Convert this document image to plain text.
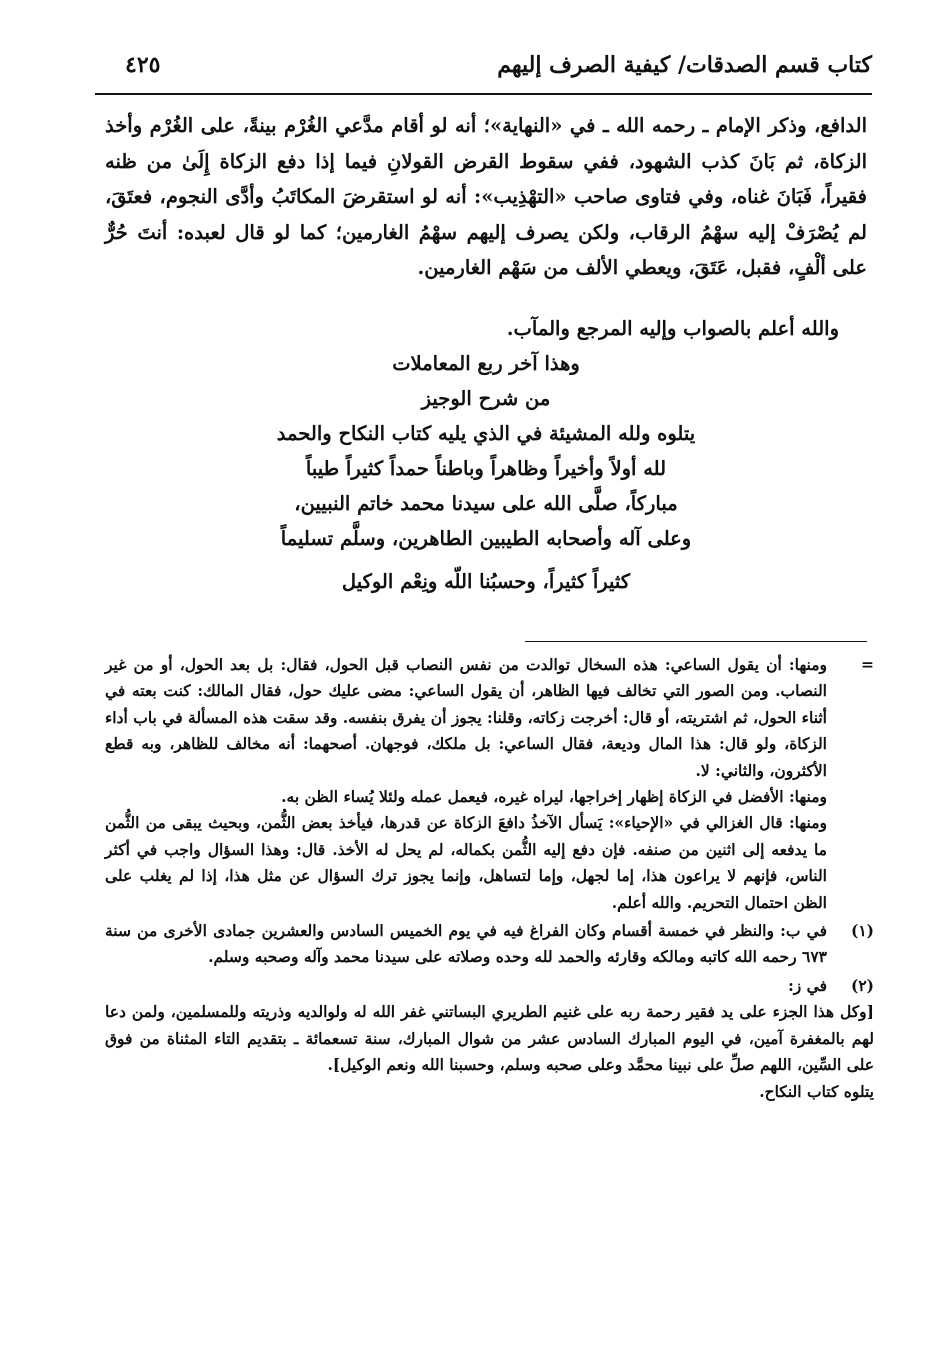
كتاب قسم الصدقات/ كيفية الصرف إليهم
٤٢٥

الدافع، وذكر الإمام ـ رحمه الله ـ في «النهاية»؛ أنه لو أقام مدَّعي الغُرْم بينةً، على الغُرْم وأخذ الزكاة، ثم بَانَ كذب الشهود، ففي سقوط القرض القولانِ فيما إذا دفع الزكاة إِلَىٰ من ظنه فقيراً، فَبَانَ غناه، وفي فتاوى صاحب «التهْذِيب»: أنه لو استقرضَ المكاتَبُ وأدَّى النجوم، فعتَقَ، لم يُصْرَفْ إليه سهْمُ الرقاب، ولكن يصرف إليهم سهْمُ الغارمين؛ كما لو قال لعبده: أنتَ حُرٌّ على ألْفٍ، فقبل، عَتَقَ، ويعطي الألف من سَهْم الغارمين.

والله أعلم بالصواب وإليه المرجع والمآب.

وهذا آخر ربع المعاملات
من شرح الوجيز
يتلوه ولله المشيئة في الذي يليه كتاب النكاح والحمد
لله أولاً وأخيراً وظاهراً وباطناً حمداً كثيراً طيباً
مباركاً، صلَّى الله على سيدنا محمد خاتم النبيين،
وعلى آله وأصحابه الطيبين الطاهرين، وسلَّم تسليماً
كثيراً كثيراً، وحسبُنا اللّه ونِعْم الوكيل
=

ومنها: أن يقول الساعي: هذه السخال توالدت من نفس النصاب قبل الحول، فقال: بل بعد الحول، أو من غير النصاب. ومن الصور التي تخالف فيها الظاهر، أن يقول الساعي: مضى عليك حول، فقال المالك: كنت بعته في أثناء الحول، ثم اشتريته، أو قال: أخرجت زكاته، وقلنا: يجوز أن يفرق بنفسه. وقد سقت هذه المسألة في باب أداء الزكاة، ولو قال: هذا المال وديعة، فقال الساعي: بل ملكك، فوجهان. أصحهما: أنه مخالف للظاهر، وبه قطع الأكثرون، والثاني: لا.

ومنها: الأفضل في الزكاة إظهار إخراجها، ليراه غيره، فيعمل عمله ولئلا يُساء الظن به.

ومنها: قال الغزالي في «الإحياء»: يَسأل الآخذُ دافعَ الزكاة عن قدرها، فيأخذ بعض الثُّمن، وبحيث يبقى من الثُّمن ما يدفعه إلى اثنين من صنفه. فإن دفع إليه الثُّمن بكماله، لم يحل له الأخذ. قال: وهذا السؤال واجب في أكثر الناس، فإنهم لا يراعون هذا، إما لجهل، وإما لتساهل، وإنما يجوز ترك السؤال عن مثل هذا، إذا لم يغلب على الظن احتمال التحريم. والله أعلم.

(١)

في ب: والنظر في خمسة أقسام وكان الفراغ فيه في يوم الخميس السادس والعشرين جمادى الأخرى من سنة ٦٧٣ رحمه الله كاتبه ومالكه وقارئه والحمد لله وحده وصلاته على سيدنا محمد وآله وصحبه وسلم.

(٢)

في ز:

[وكل هذا الجزء على يد فقير رحمة ربه على غنيم الطريري البساتني غفر الله له ولوالديه وذريته وللمسلمين، ولمن دعا لهم بالمغفرة آمين، في اليوم المبارك السادس عشر من شوال المبارك، سنة تسعمائة ـ بتقديم التاء المثناة من فوق على السِّين، اللهم صلِّ على نبينا محمَّد وعلى صحبه وسلم، وحسبنا الله ونعم الوكيل].

يتلوه كتاب النكاح.
